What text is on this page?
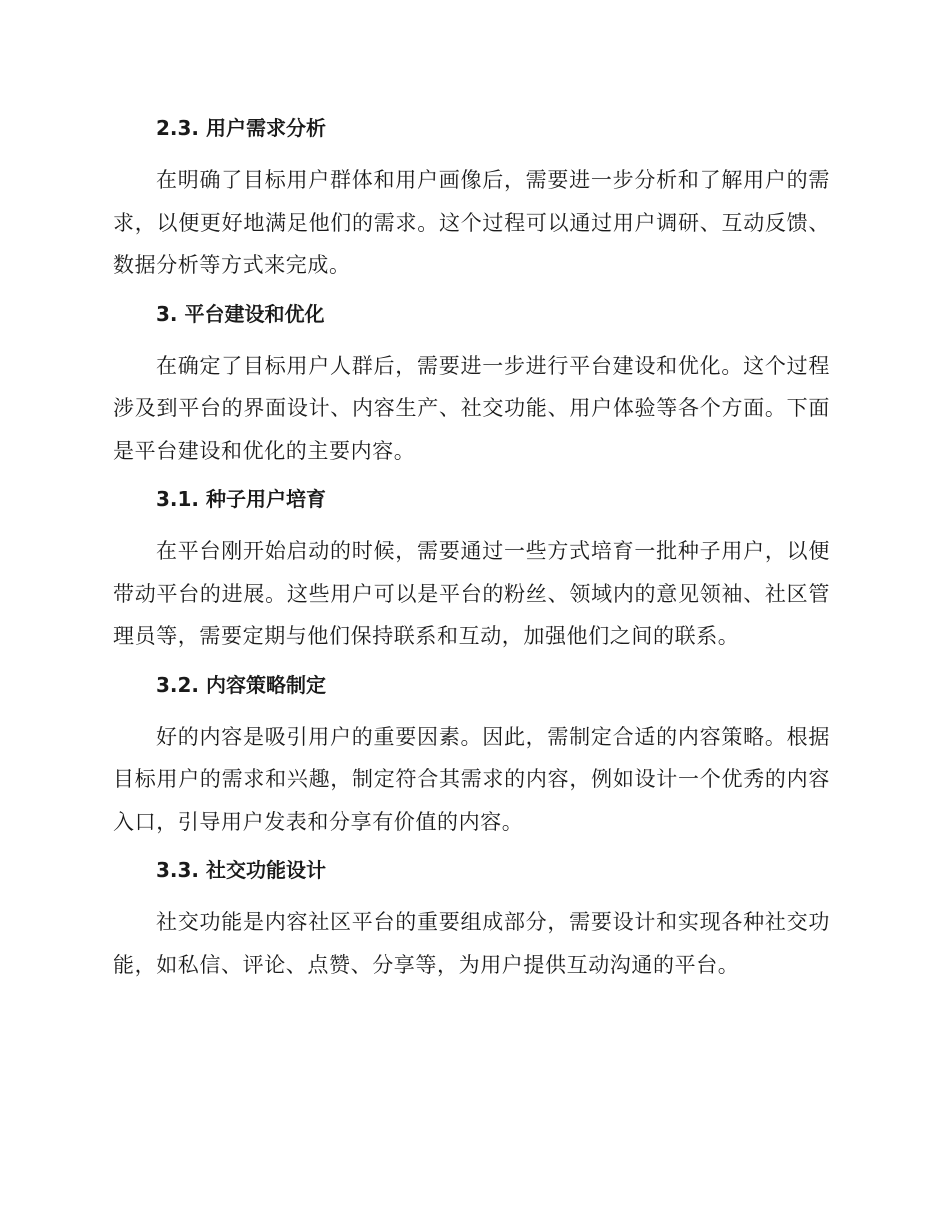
2.3. 用户需求分析

在明确了目标用户群体和用户画像后，需要进一步分析和了解用户的需求，以便更好地满足他们的需求。这个过程可以通过用户调研、互动反馈、数据分析等方式来完成。

3. 平台建设和优化

在确定了目标用户人群后，需要进一步进行平台建设和优化。这个过程涉及到平台的界面设计、内容生产、社交功能、用户体验等各个方面。下面是平台建设和优化的主要内容。

3.1. 种子用户培育

在平台刚开始启动的时候，需要通过一些方式培育一批种子用户，以便带动平台的进展。这些用户可以是平台的粉丝、领域内的意见领袖、社区管理员等，需要定期与他们保持联系和互动，加强他们之间的联系。

3.2. 内容策略制定

好的内容是吸引用户的重要因素。因此，需制定合适的内容策略。根据目标用户的需求和兴趣，制定符合其需求的内容，例如设计一个优秀的内容入口，引导用户发表和分享有价值的内容。

3.3. 社交功能设计

社交功能是内容社区平台的重要组成部分，需要设计和实现各种社交功能，如私信、评论、点赞、分享等，为用户提供互动沟通的平台。
